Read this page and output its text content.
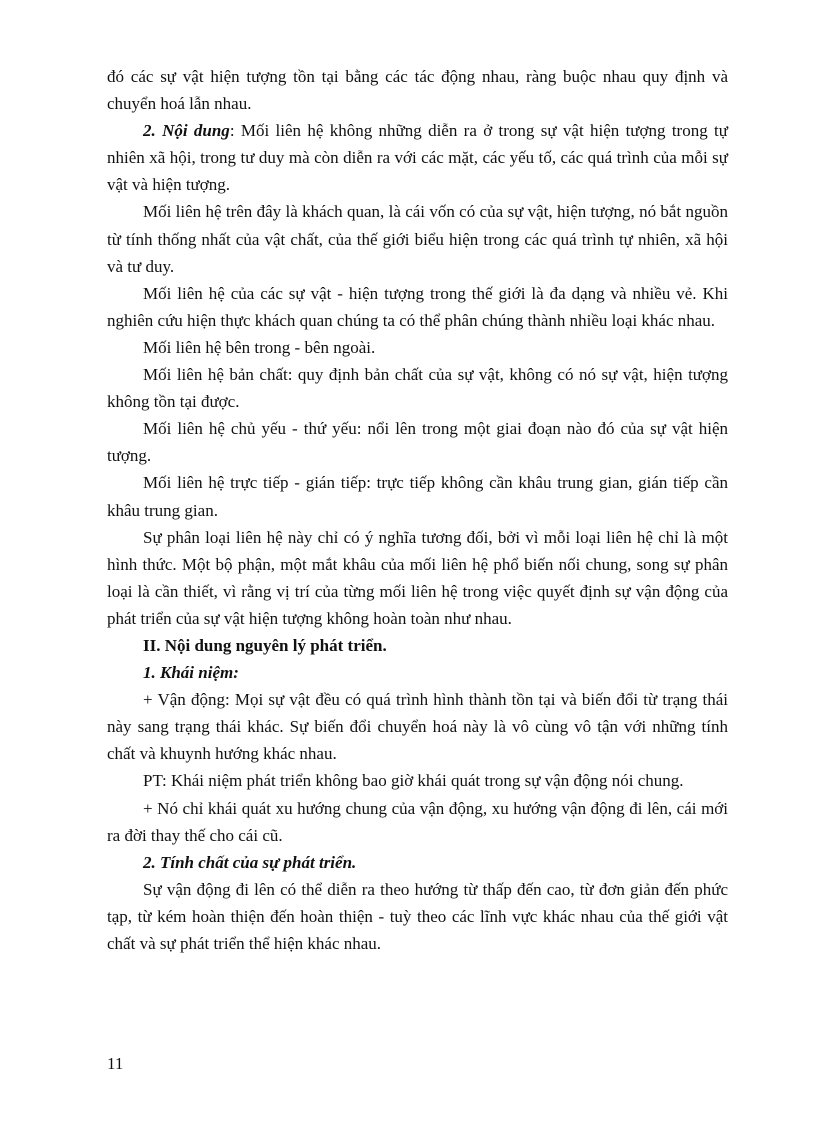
đó các sự vật hiện tượng tồn tại bằng các tác động nhau, ràng buộc nhau quy định và chuyển hoá lẫn nhau.

2. Nội dung: Mối liên hệ không những diễn ra ở trong sự vật hiện tượng trong tự nhiên xã hội, trong tư duy mà còn diễn ra với các mặt, các yếu tố, các quá trình của mỗi sự vật và hiện tượng.

Mối liên hệ trên đây là khách quan, là cái vốn có của sự vật, hiện tượng, nó bắt nguồn từ tính thống nhất của vật chất, của thế giới biểu hiện trong các quá trình tự nhiên, xã hội và tư duy.

Mối liên hệ của các sự vật - hiện tượng trong thế giới là đa dạng và nhiều vẻ. Khi nghiên cứu hiện thực khách quan chúng ta có thể phân chúng thành nhiều loại khác nhau.

Mối liên hệ bên trong - bên ngoài.

Mối liên hệ bản chất: quy định bản chất của sự vật, không có nó sự vật, hiện tượng không tồn tại được.

Mối liên hệ chủ yếu - thứ yếu: nổi lên trong một giai đoạn nào đó của sự vật hiện tượng.

Mối liên hệ trực tiếp - gián tiếp: trực tiếp không cần khâu trung gian, gián tiếp cần khâu trung gian.

Sự phân loại liên hệ này chỉ có ý nghĩa tương đối, bởi vì mỗi loại liên hệ chỉ là một hình thức. Một bộ phận, một mắt khâu của mối liên hệ phổ biến nối chung, song sự phân loại là cần thiết, vì rằng vị trí của từng mối liên hệ trong việc quyết định sự vận động của phát triển của sự vật hiện tượng không hoàn toàn như nhau.

II. Nội dung nguyên lý phát triển.

1. Khái niệm:

+ Vận động: Mọi sự vật đều có quá trình hình thành tồn tại và biến đổi từ trạng thái này sang trạng thái khác. Sự biến đổi chuyển hoá này là vô cùng vô tận với những tính chất và khuynh hướng khác nhau.

PT: Khái niệm phát triển không bao giờ khái quát trong sự vận động nói chung.

+ Nó chỉ khái quát xu hướng chung của vận động, xu hướng vận động đi lên, cái mới ra đời thay thế cho cái cũ.

2. Tính chất của sự phát triển.

Sự vận động đi lên có thể diễn ra theo hướng từ thấp đến cao, từ đơn giản đến phức tạp, từ kém hoàn thiện đến hoàn thiện - tuỳ theo các lĩnh vực khác nhau của thế giới vật chất và sự phát triển thể hiện khác nhau.

11
